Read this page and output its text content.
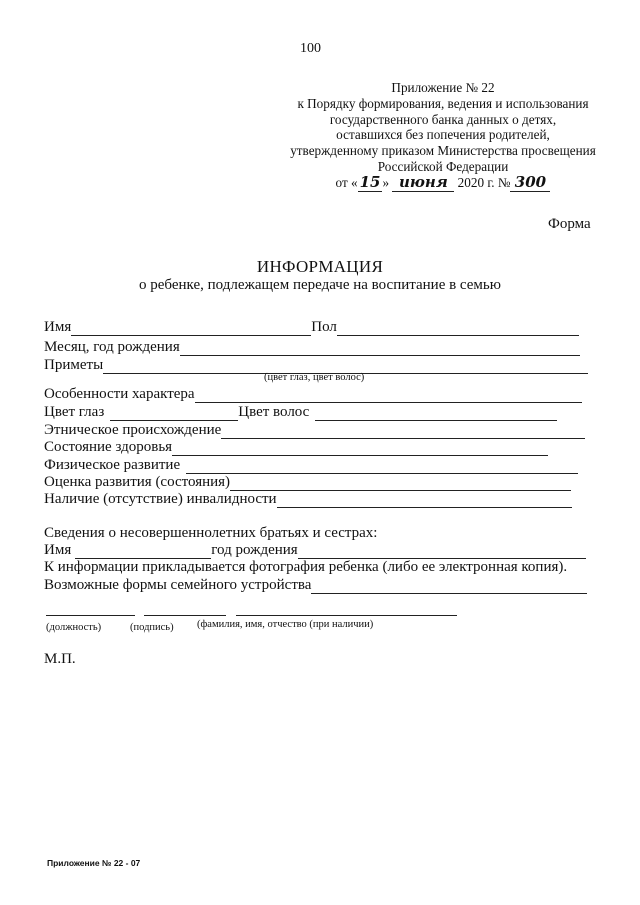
100
Приложение № 22
к Порядку формирования, ведения и использования
государственного банка данных о детях,
оставшихся без попечения родителей,
утвержденному приказом Министерства просвещения
Российской Федерации
от « 15 » июня 2020 г. № 300
Форма
ИНФОРМАЦИЯ
о ребенке, подлежащем передаче на воспитание в семью
Имя	Пол
Месяц, год рождения
Приметы
(цвет глаз, цвет волос)
Особенности характера
Цвет глаз	Цвет волос
Этническое происхождение
Состояние здоровья
Физическое развитие
Оценка развития (состояния)
Наличие (отсутствие) инвалидности
Сведения о несовершеннолетних братьях и сестрах:
Имя	год рождения
К информации прикладывается фотография ребенка (либо ее электронная копия).
Возможные формы семейного устройства
(должность)	(подпись) (фамилия, имя, отчество (при наличии)
М.П.
Приложение № 22 - 07
